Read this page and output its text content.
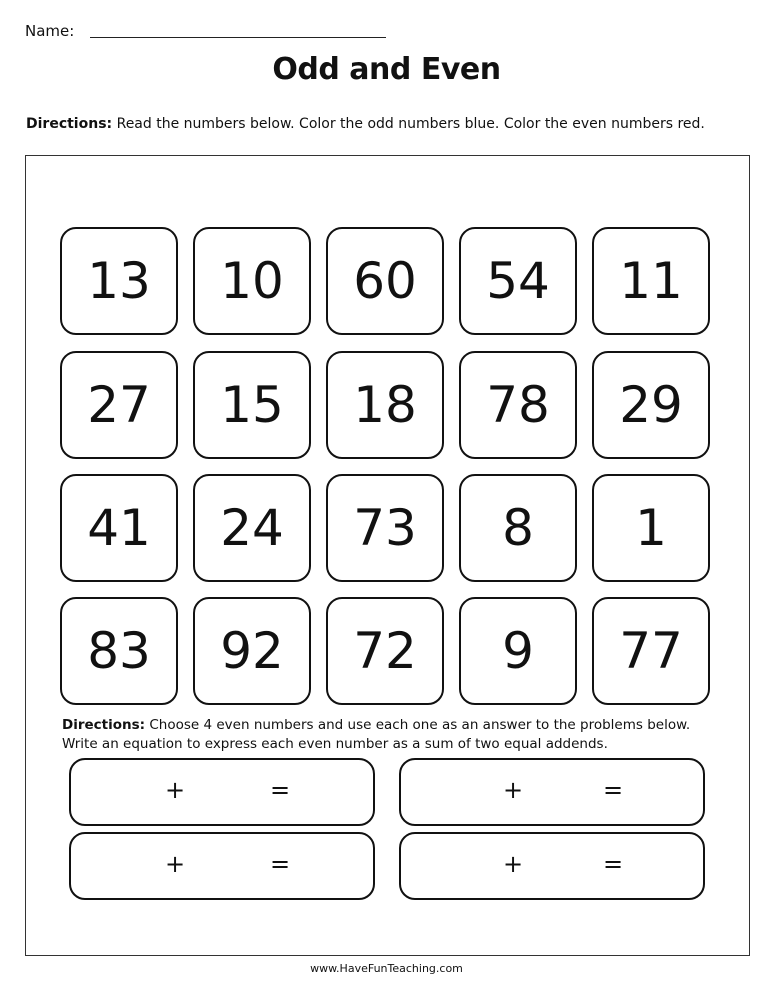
Name:
Odd and Even
Directions: Read the numbers below. Color the odd numbers blue. Color the even numbers red.
13	10	60	54	11
27	15	18	78	29
41	24	73	8	1
83	92	72	9	77
Directions: Choose 4 even numbers and use each one as an answer to the problems below.
Write an equation to express each even number as a sum of two equal addends.
+	=	+	=
+	=	+	=
www.HaveFunTeaching.com
